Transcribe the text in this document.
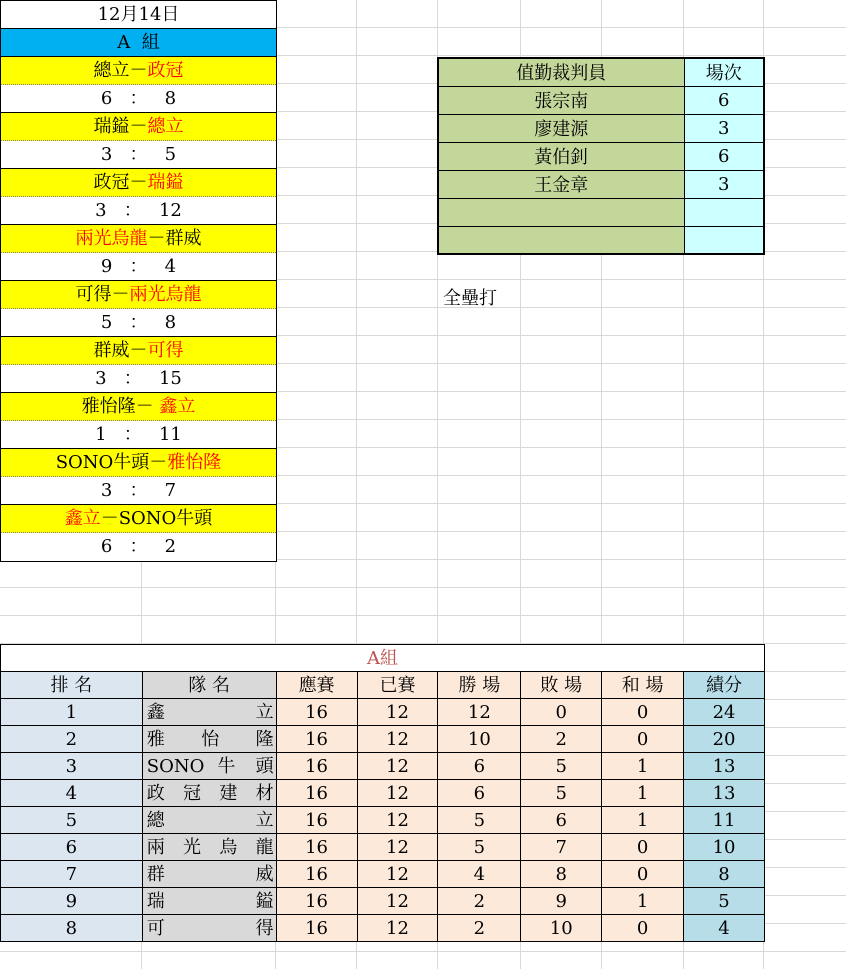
12月14日
A  組
總立－政冠
6   ：   8
瑞鎰－總立
3   ：   5
政冠－瑞鎰
3   ：   12
兩光烏龍－群威
9   ：   4
可得－兩光烏龍
5   ：   8
群威－可得
3   ：   15
雅怡隆－ 鑫立
1   ：   11
SONO牛頭－雅怡隆
3   ：   7
鑫立－SONO牛頭
6   ：   2
值勤裁判員	場次
張宗南	6
廖建源	3
黃伯釗	6
王金章	3

全壘打
A組							
排 名	隊 名	應賽	已賽	勝 場	敗 場	和 場	績分
1	鑫 立	16	12	12	0	0	24
2	雅 怡 隆	16	12	10	2	0	20
3	SONO 牛 頭	16	12	6	5	1	13
4	政 冠 建 材	16	12	6	5	1	13
5	總 立	16	12	5	6	1	11
6	兩 光 烏 龍	16	12	5	7	0	10
7	群 威	16	12	4	8	0	8
9	瑞 鎰	16	12	2	9	1	5
8	可 得	16	12	2	10	0	4
